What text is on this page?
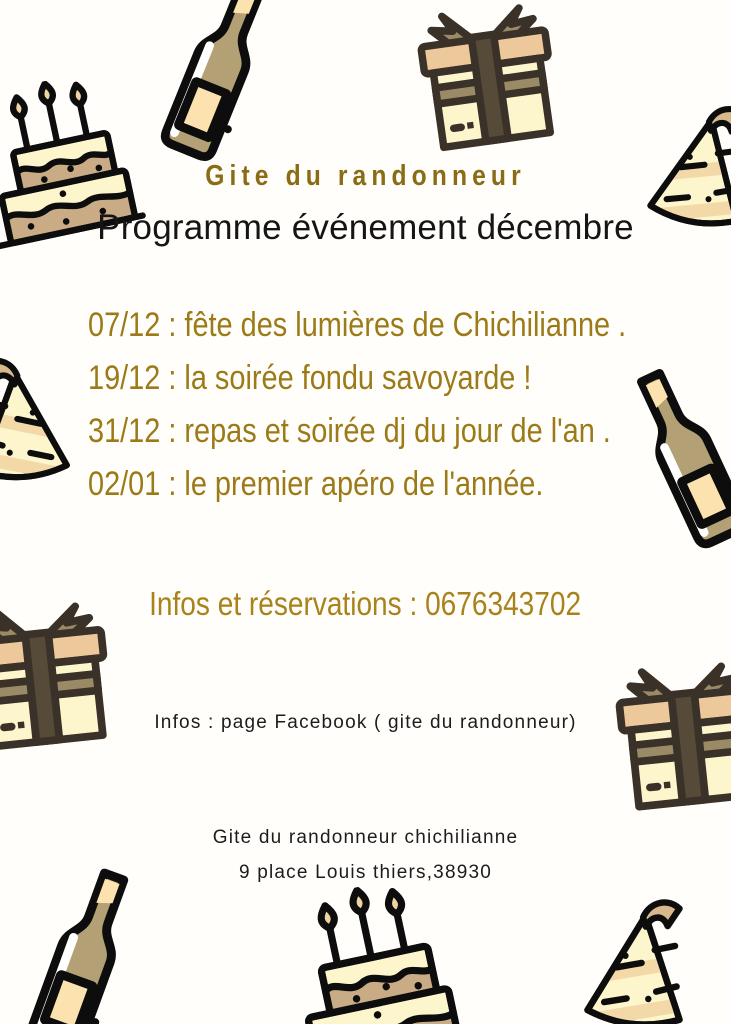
Gite du randonneur
Programme événement décembre
07/12 : fête des lumières de Chichilianne .
19/12 : la soirée fondu savoyarde !
31/12 : repas et soirée dj du jour de l'an .
02/01 : le premier apéro de l'année.
Infos et réservations : 0676343702
Infos : page Facebook ( gite du randonneur)
Gite du randonneur chichilianne
9 place Louis thiers,38930
